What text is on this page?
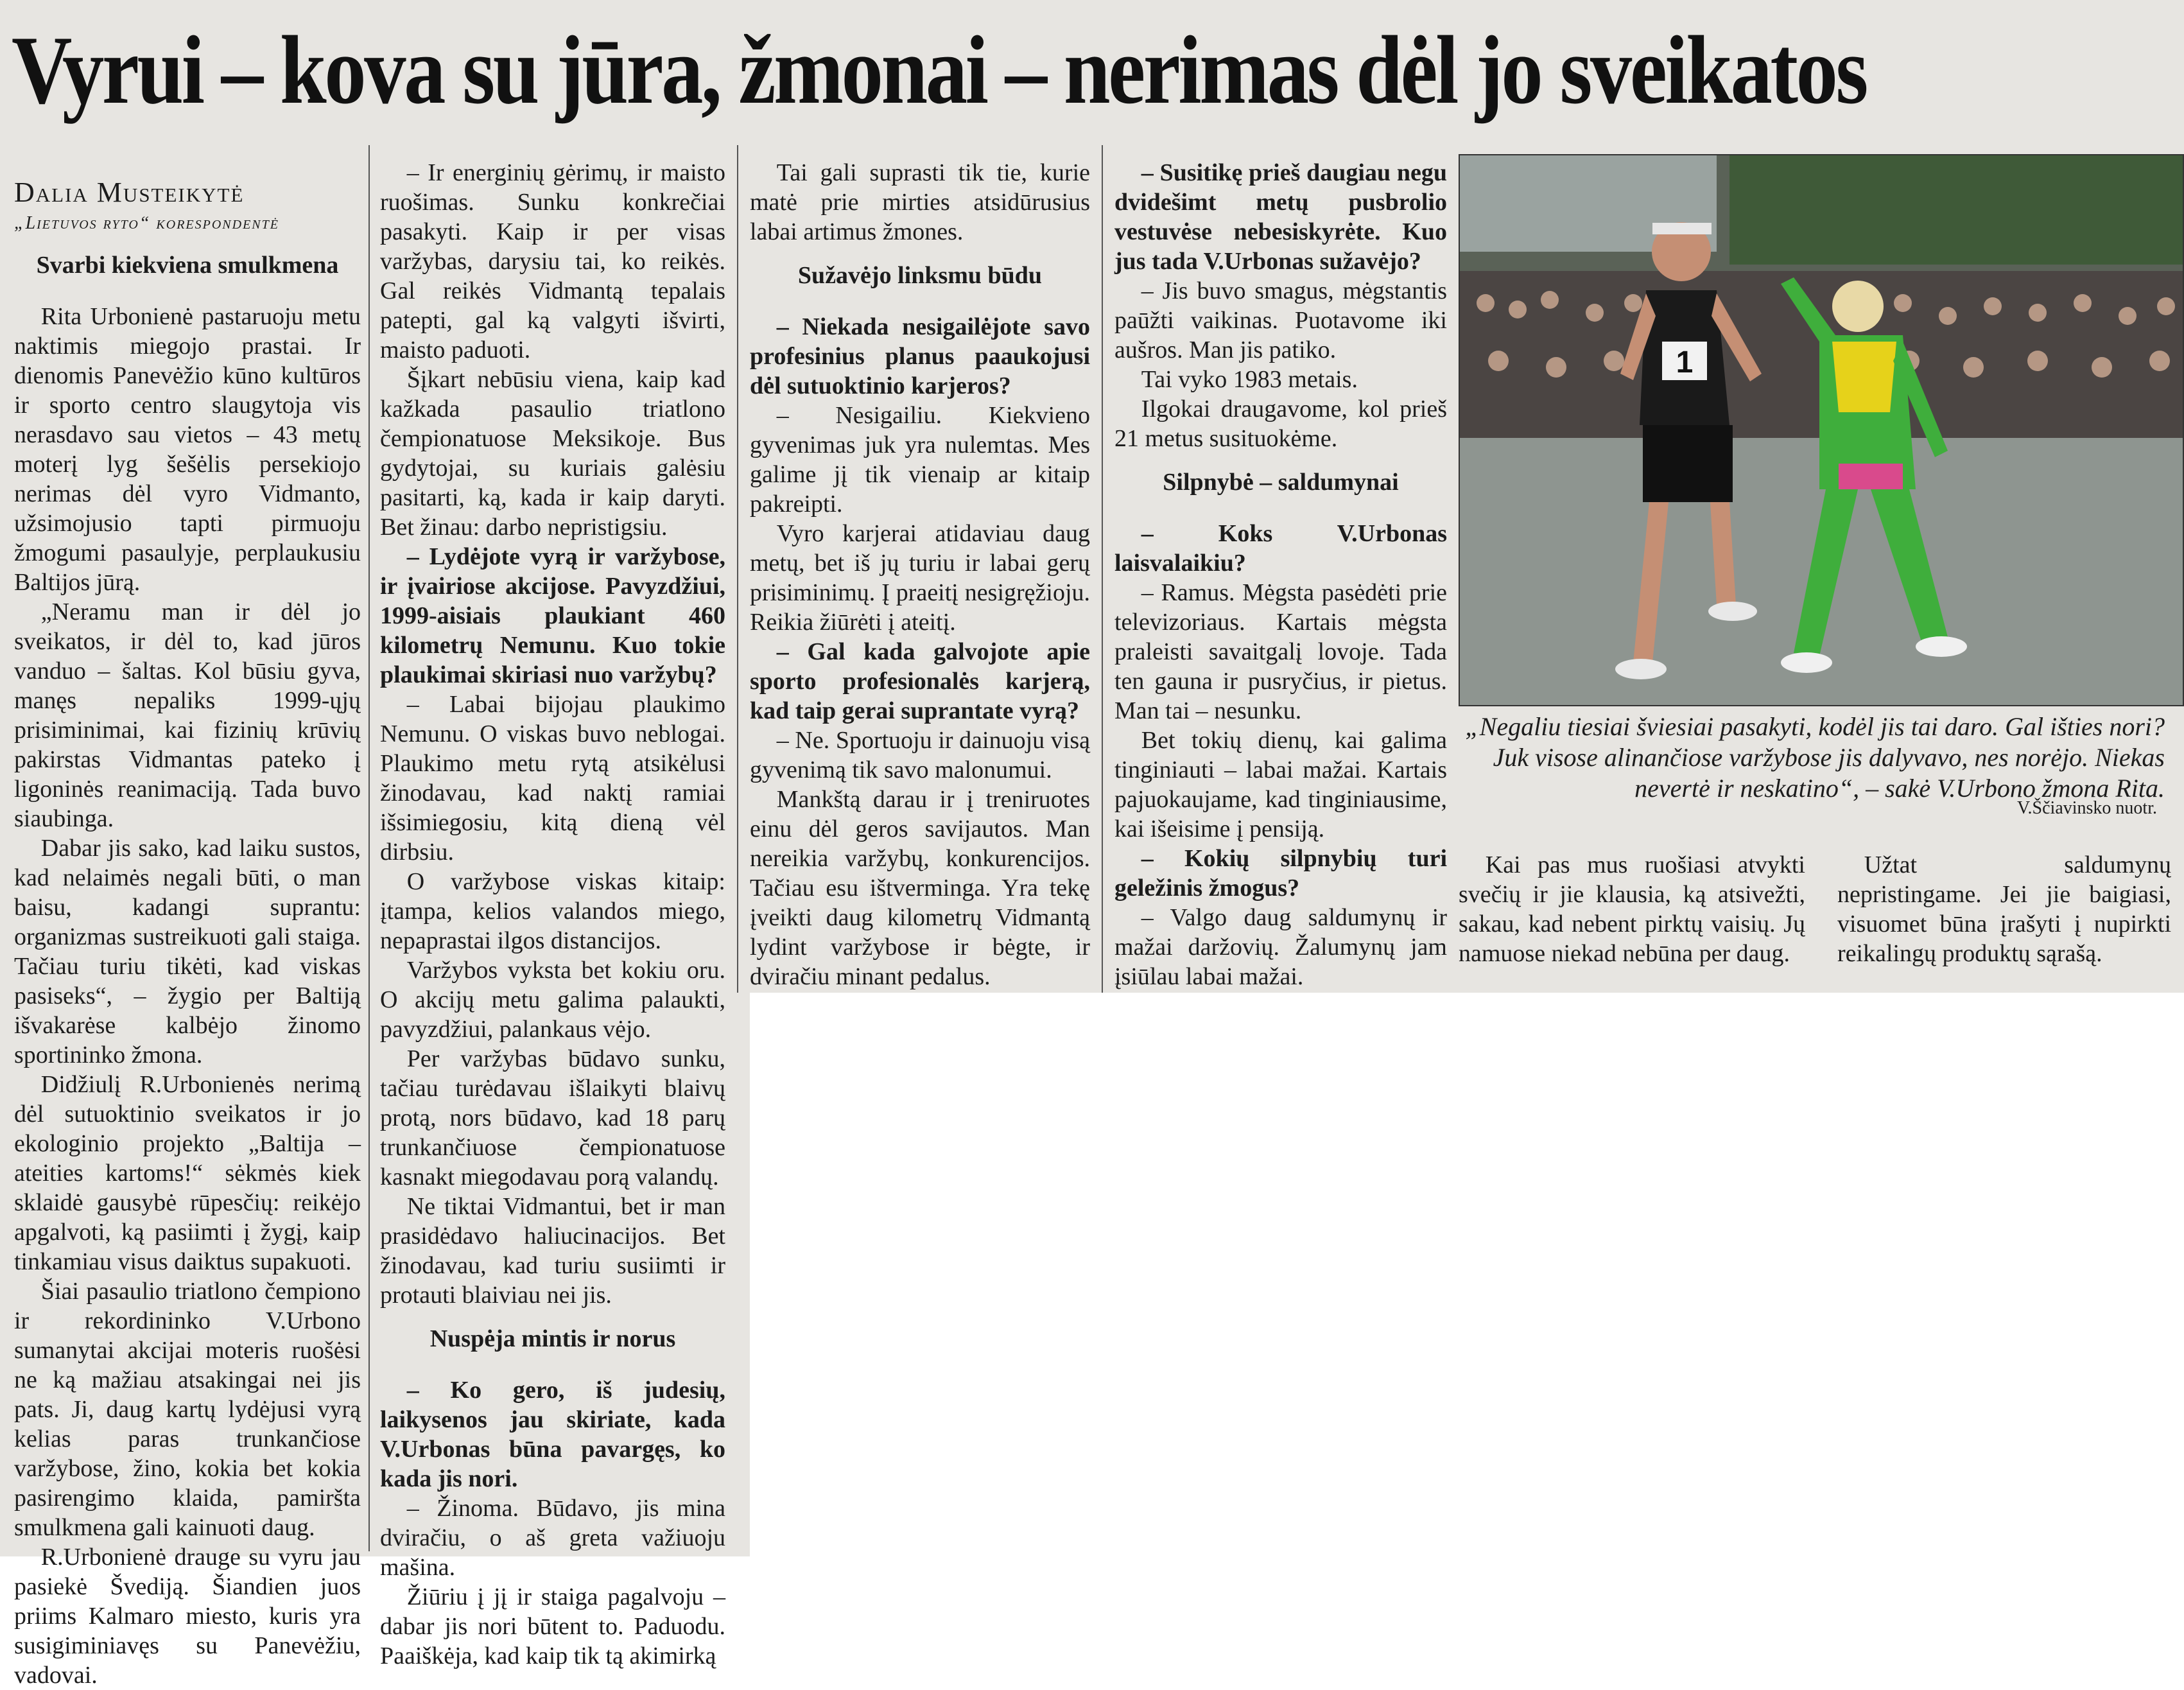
Vyrui – kova su jūra, žmonai – nerimas dėl jo sveikatos
Dalia Musteikytė
„Lietuvos ryto“ korespondentė
Svarbi kiekviena smulkmena

Rita Urbonienė pastaruoju metu naktimis miegojo prastai. Ir dienomis Panevėžio kūno kultūros ir sporto centro slaugytoja vis nerasdavo sau vietos – 43 metų moterį lyg šešėlis persekiojo nerimas dėl vyro Vidmanto, užsimojusio tapti pirmuoju žmogumi pasaulyje, perplaukusiu Baltijos jūrą.

„Neramu man ir dėl jo sveikatos, ir dėl to, kad jūros vanduo – šaltas. Kol būsiu gyva, manęs nepaliks 1999-ųjų prisiminimai, kai fizinių krūvių pakirstas Vidmantas pateko į ligoninės reanimaciją. Tada buvo siaubinga.

Dabar jis sako, kad laiku sustos, kad nelaimės negali būti, o man baisu, kadangi suprantu: organizmas sustreikuoti gali staiga. Tačiau turiu tikėti, kad viskas pasiseks“, – žygio per Baltiją išvakarėse kalbėjo žinomo sportininko žmona.

Didžiulį R.Urbonienės nerimą dėl sutuoktinio sveikatos ir jo ekologinio projekto „Baltija – ateities kartoms!“ sėkmės kiek sklaidė gausybė rūpesčių: reikėjo apgalvoti, ką pasiimti į žygį, kaip tinkamiau visus daiktus supakuoti.

Šiai pasaulio triatlono čempiono ir rekordininko V.Urbono sumanytai akcijai moteris ruošėsi ne ką mažiau atsakingai nei jis pats. Ji, daug kartų lydėjusi vyrą kelias paras trunkančiose varžybose, žino, kokia bet kokia pasirengimo klaida, pamiršta smulkmena gali kainuoti daug.

R.Urbonienė drauge su vyru jau pasiekė Švediją. Šiandien juos priims Kalmaro miesto, kuris yra susigiminiavęs su Panevėžiu, vadovai.

– Ir energinių gėrimų, ir maisto ruošimas. Sunku konkrečiai pasakyti. Kaip ir per visas varžybas, darysiu tai, ko reikės. Gal reikės Vidmantą tepalais patepti, gal ką valgyti išvirti, maisto paduoti.

Šįkart nebūsiu viena, kaip kad kažkada pasaulio triatlono čempionatuose Meksikoje. Bus gydytojai, su kuriais galėsiu pasitarti, ką, kada ir kaip daryti. Bet žinau: darbo nepristigsiu.

– Lydėjote vyrą ir varžybose, ir įvairiose akcijose. Pavyzdžiui, 1999-aisiais plaukiant 460 kilometrų Nemunu. Kuo tokie plaukimai skiriasi nuo varžybų?

– Labai bijojau plaukimo Nemunu. O viskas buvo neblogai. Plaukimo metu rytą atsikėlusi žinodavau, kad naktį ramiai išsimiegosiu, kitą dieną vėl dirbsiu.

O varžybose viskas kitaip: įtampa, kelios valandos miego, nepaprastai ilgos distancijos.

Varžybos vyksta bet kokiu oru. O akcijų metu galima palaukti, pavyzdžiui, palankaus vėjo.

Per varžybas būdavo sunku, tačiau turėdavau išlaikyti blaivų protą, nors būdavo, kad 18 parų trunkančiuose čempionatuose kasnakt miegodavau porą valandų.

Ne tiktai Vidmantui, bet ir man prasidėdavo haliucinacijos. Bet žinodavau, kad turiu susiimti ir protauti blaiviau nei jis.

Nuspėja mintis ir norus

– Ko gero, iš judesių, laikysenos jau skiriate, kada V.Urbonas būna pavargęs, ko kada jis nori.

– Žinoma. Būdavo, jis mina dviračiu, o aš greta važiuoju mašina.

Žiūriu į jį ir staiga pagalvoju – dabar jis nori būtent to. Paduodu. Paaiškėja, kad kaip tik tą akimirką

Tai gali suprasti tik tie, kurie matė prie mirties atsidūrusius labai artimus žmones.

Sužavėjo linksmu būdu

– Niekada nesigailėjote savo profesinius planus paaukojusi dėl sutuoktinio karjeros?

– Nesigailiu. Kiekvieno gyvenimas juk yra nulemtas. Mes galime jį tik vienaip ar kitaip pakreipti.

Vyro karjerai atidaviau daug metų, bet iš jų turiu ir labai gerų prisiminimų. Į praeitį nesigręžioju. Reikia žiūrėti į ateitį.

– Gal kada galvojote apie sporto profesionalės karjerą, kad taip gerai suprantate vyrą?

– Ne. Sportuoju ir dainuoju visą gyvenimą tik savo malonumui.

Mankštą darau ir į treniruotes einu dėl geros savijautos. Man nereikia varžybų, konkurencijos. Tačiau esu ištverminga. Yra tekę įveikti daug kilometrų Vidmantą lydint varžybose ir bėgte, ir dviračiu minant pedalus.

– Susitikę prieš daugiau negu dvidešimt metų pusbrolio vestuvėse nebesiskyrėte. Kuo jus tada V.Urbonas sužavėjo?

– Jis buvo smagus, mėgstantis paūžti vaikinas. Puotavome iki aušros. Man jis patiko.

Tai vyko 1983 metais.

Ilgokai draugavome, kol prieš 21 metus susituokėme.

Silpnybė – saldumynai

– Koks V.Urbonas laisvalaikiu?

– Ramus. Mėgsta pasėdėti prie televizoriaus. Kartais mėgsta praleisti savaitgalį lovoje. Tada ten gauna ir pusryčius, ir pietus. Man tai – nesunku.

Bet tokių dienų, kai galima tinginiauti – labai mažai. Kartais pajuokaujame, kad tinginiausime, kai išeisime į pensiją.

– Kokių silpnybių turi geležinis žmogus?

– Valgo daug saldumynų ir mažai daržovių. Žalumynų jam įsiūlau labai mažai.

1
„Negaliu tiesiai šviesiai pasakyti, kodėl jis tai daro. Gal išties nori? Juk visose alinančiose varžybose jis dalyvavo, nes norėjo. Niekas nevertė ir neskatino“, – sakė V.Urbono žmona Rita.
V.Ščiavinsko nuotr.

Kai pas mus ruošiasi atvykti svečių ir jie klausia, ką atsivežti, sakau, kad nebent pirktų vaisių. Jų namuose niekad nebūna per daug.

Užtat saldumynų nepristingame. Jei jie baigiasi, visuomet būna įrašyti į nupirkti reikalingų produktų sąrašą.
